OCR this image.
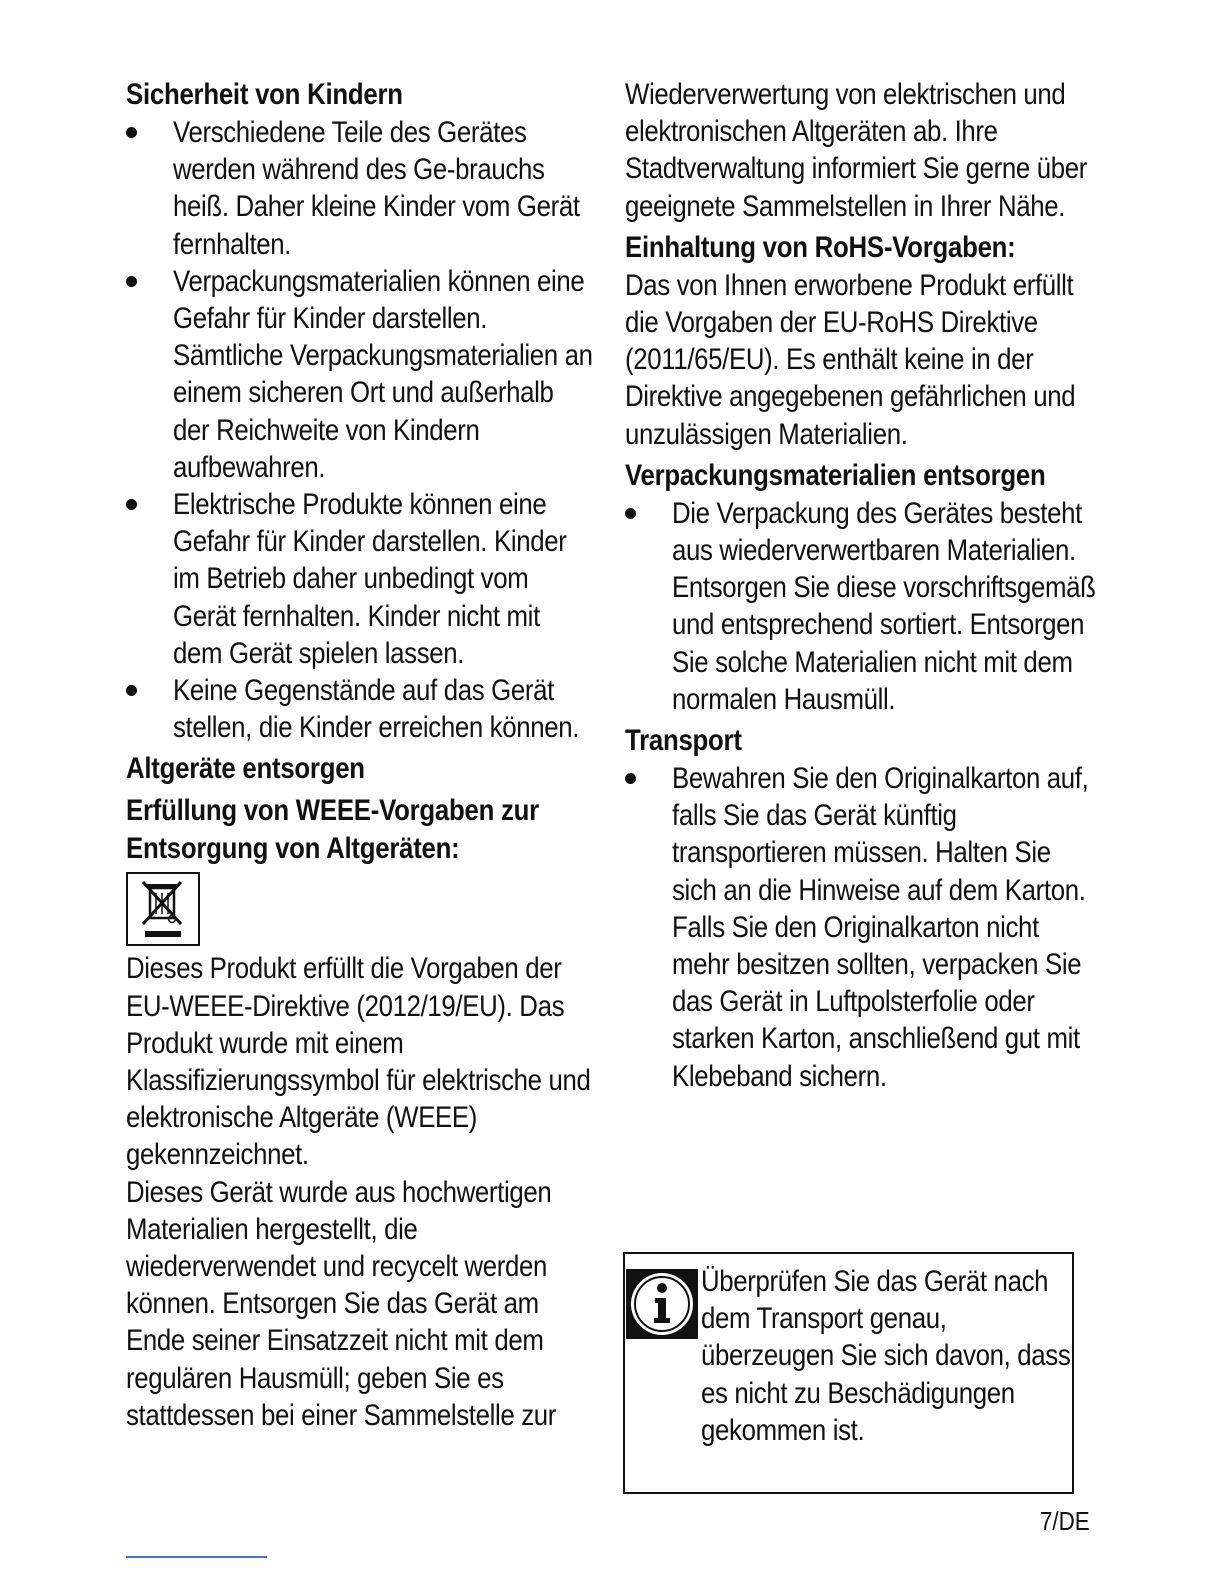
Sicherheit von Kindern

Verschiedene Teile des Gerätes werden während des Ge-brauchs heiß. Daher kleine Kinder vom Gerät fernhalten.

Verpackungsmaterialien können eine Gefahr für Kinder darstellen. Sämtliche Verpackungsmaterialien an einem sicheren Ort und außerhalb der Reichweite von Kindern aufbewahren.

Elektrische Produkte können eine Gefahr für Kinder darstellen. Kinder im Betrieb daher unbedingt vom Gerät fernhalten. Kinder nicht mit dem Gerät spielen lassen.

Keine Gegenstände auf das Gerät stellen, die Kinder erreichen können.

Altgeräte entsorgen

Erfüllung von WEEE-Vorgaben zur Entsorgung von Altgeräten:

Dieses Produkt erfüllt die Vorgaben der EU-WEEE-Direktive (2012/19/EU). Das Produkt wurde mit einem Klassifizierungssymbol für elektrische und elektronische Altgeräte (WEEE) gekennzeichnet.

Dieses Gerät wurde aus hochwertigen Materialien hergestellt, die wiederverwendet und recycelt werden können. Entsorgen Sie das Gerät am Ende seiner Einsatzzeit nicht mit dem regulären Hausmüll; geben Sie es stattdessen bei einer Sammelstelle zur

Wiederverwertung von elektrischen und elektronischen Altgeräten ab. Ihre Stadtverwaltung informiert Sie gerne über geeignete Sammelstellen in Ihrer Nähe.

Einhaltung von RoHS-Vorgaben:

Das von Ihnen erworbene Produkt erfüllt die Vorgaben der EU-RoHS Direktive (2011/65/EU). Es enthält keine in der Direktive angegebenen gefährlichen und unzulässigen Materialien.

Verpackungsmaterialien entsorgen

Die Verpackung des Gerätes besteht aus wiederverwertbaren Materialien. Entsorgen Sie diese vorschriftsgemäß und entsprechend sortiert. Entsorgen Sie solche Materialien nicht mit dem normalen Hausmüll.

Transport

Bewahren Sie den Originalkarton auf, falls Sie das Gerät künftig transportieren müssen. Halten Sie sich an die Hinweise auf dem Karton. Falls Sie den Originalkarton nicht mehr besitzen sollten, verpacken Sie das Gerät in Luftpolsterfolie oder starken Karton, anschließend gut mit Klebeband sichern.

Überprüfen Sie das Gerät nach dem Transport genau, überzeugen Sie sich davon, dass es nicht zu Beschädigungen gekommen ist.

7/DE
